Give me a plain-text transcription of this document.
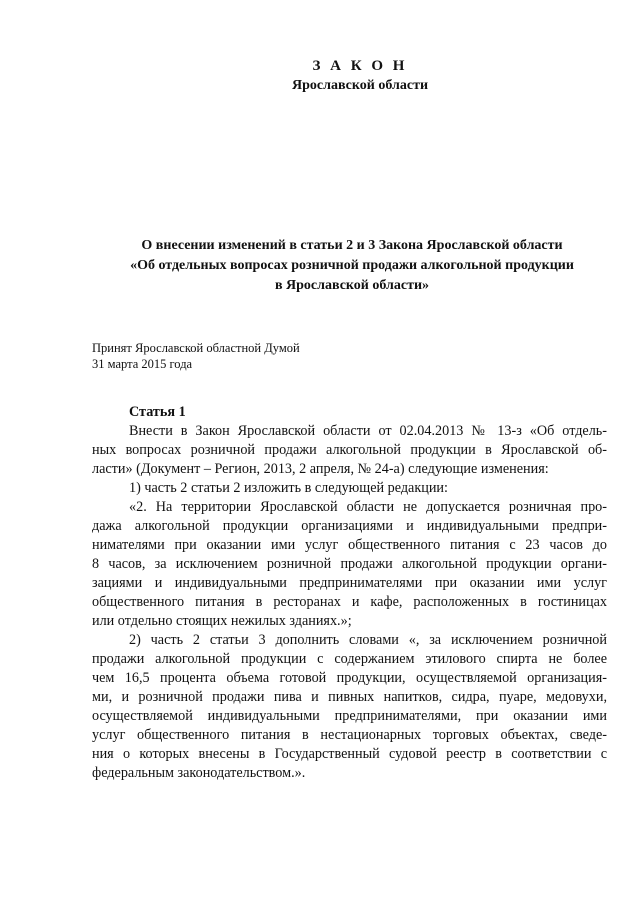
З А К О Н
Ярославской области
О внесении изменений в статьи 2 и 3 Закона Ярославской области
«Об отдельных вопросах розничной продажи алкогольной продукции
в Ярославской области»
Принят Ярославской областной Думой
31 марта 2015 года
Статья 1
Внести в Закон Ярославской области от 02.04.2013 № 13-з «Об отдель-
ных вопросах розничной продажи алкогольной продукции в Ярославской об-
ласти» (Документ – Регион, 2013, 2 апреля, № 24-а) следующие изменения:
1) часть 2 статьи 2 изложить в следующей редакции:
«2. На территории Ярославской области не допускается розничная про-
дажа алкогольной продукции организациями и индивидуальными предпри-
нимателями при оказании ими услуг общественного питания с 23 часов до
8 часов, за исключением розничной продажи алкогольной продукции органи-
зациями и индивидуальными предпринимателями при оказании ими услуг
общественного питания в ресторанах и кафе, расположенных в гостиницах
или отдельно стоящих нежилых зданиях.»;
2) часть 2 статьи 3 дополнить словами «, за исключением розничной
продажи алкогольной продукции с содержанием этилового спирта не более
чем 16,5 процента объема готовой продукции, осуществляемой организация-
ми, и розничной продажи пива и пивных напитков, сидра, пуаре, медовухи,
осуществляемой индивидуальными предпринимателями, при оказании ими
услуг общественного питания в нестационарных торговых объектах, сведе-
ния о которых внесены в Государственный судовой реестр в соответствии с
федеральным законодательством.».
